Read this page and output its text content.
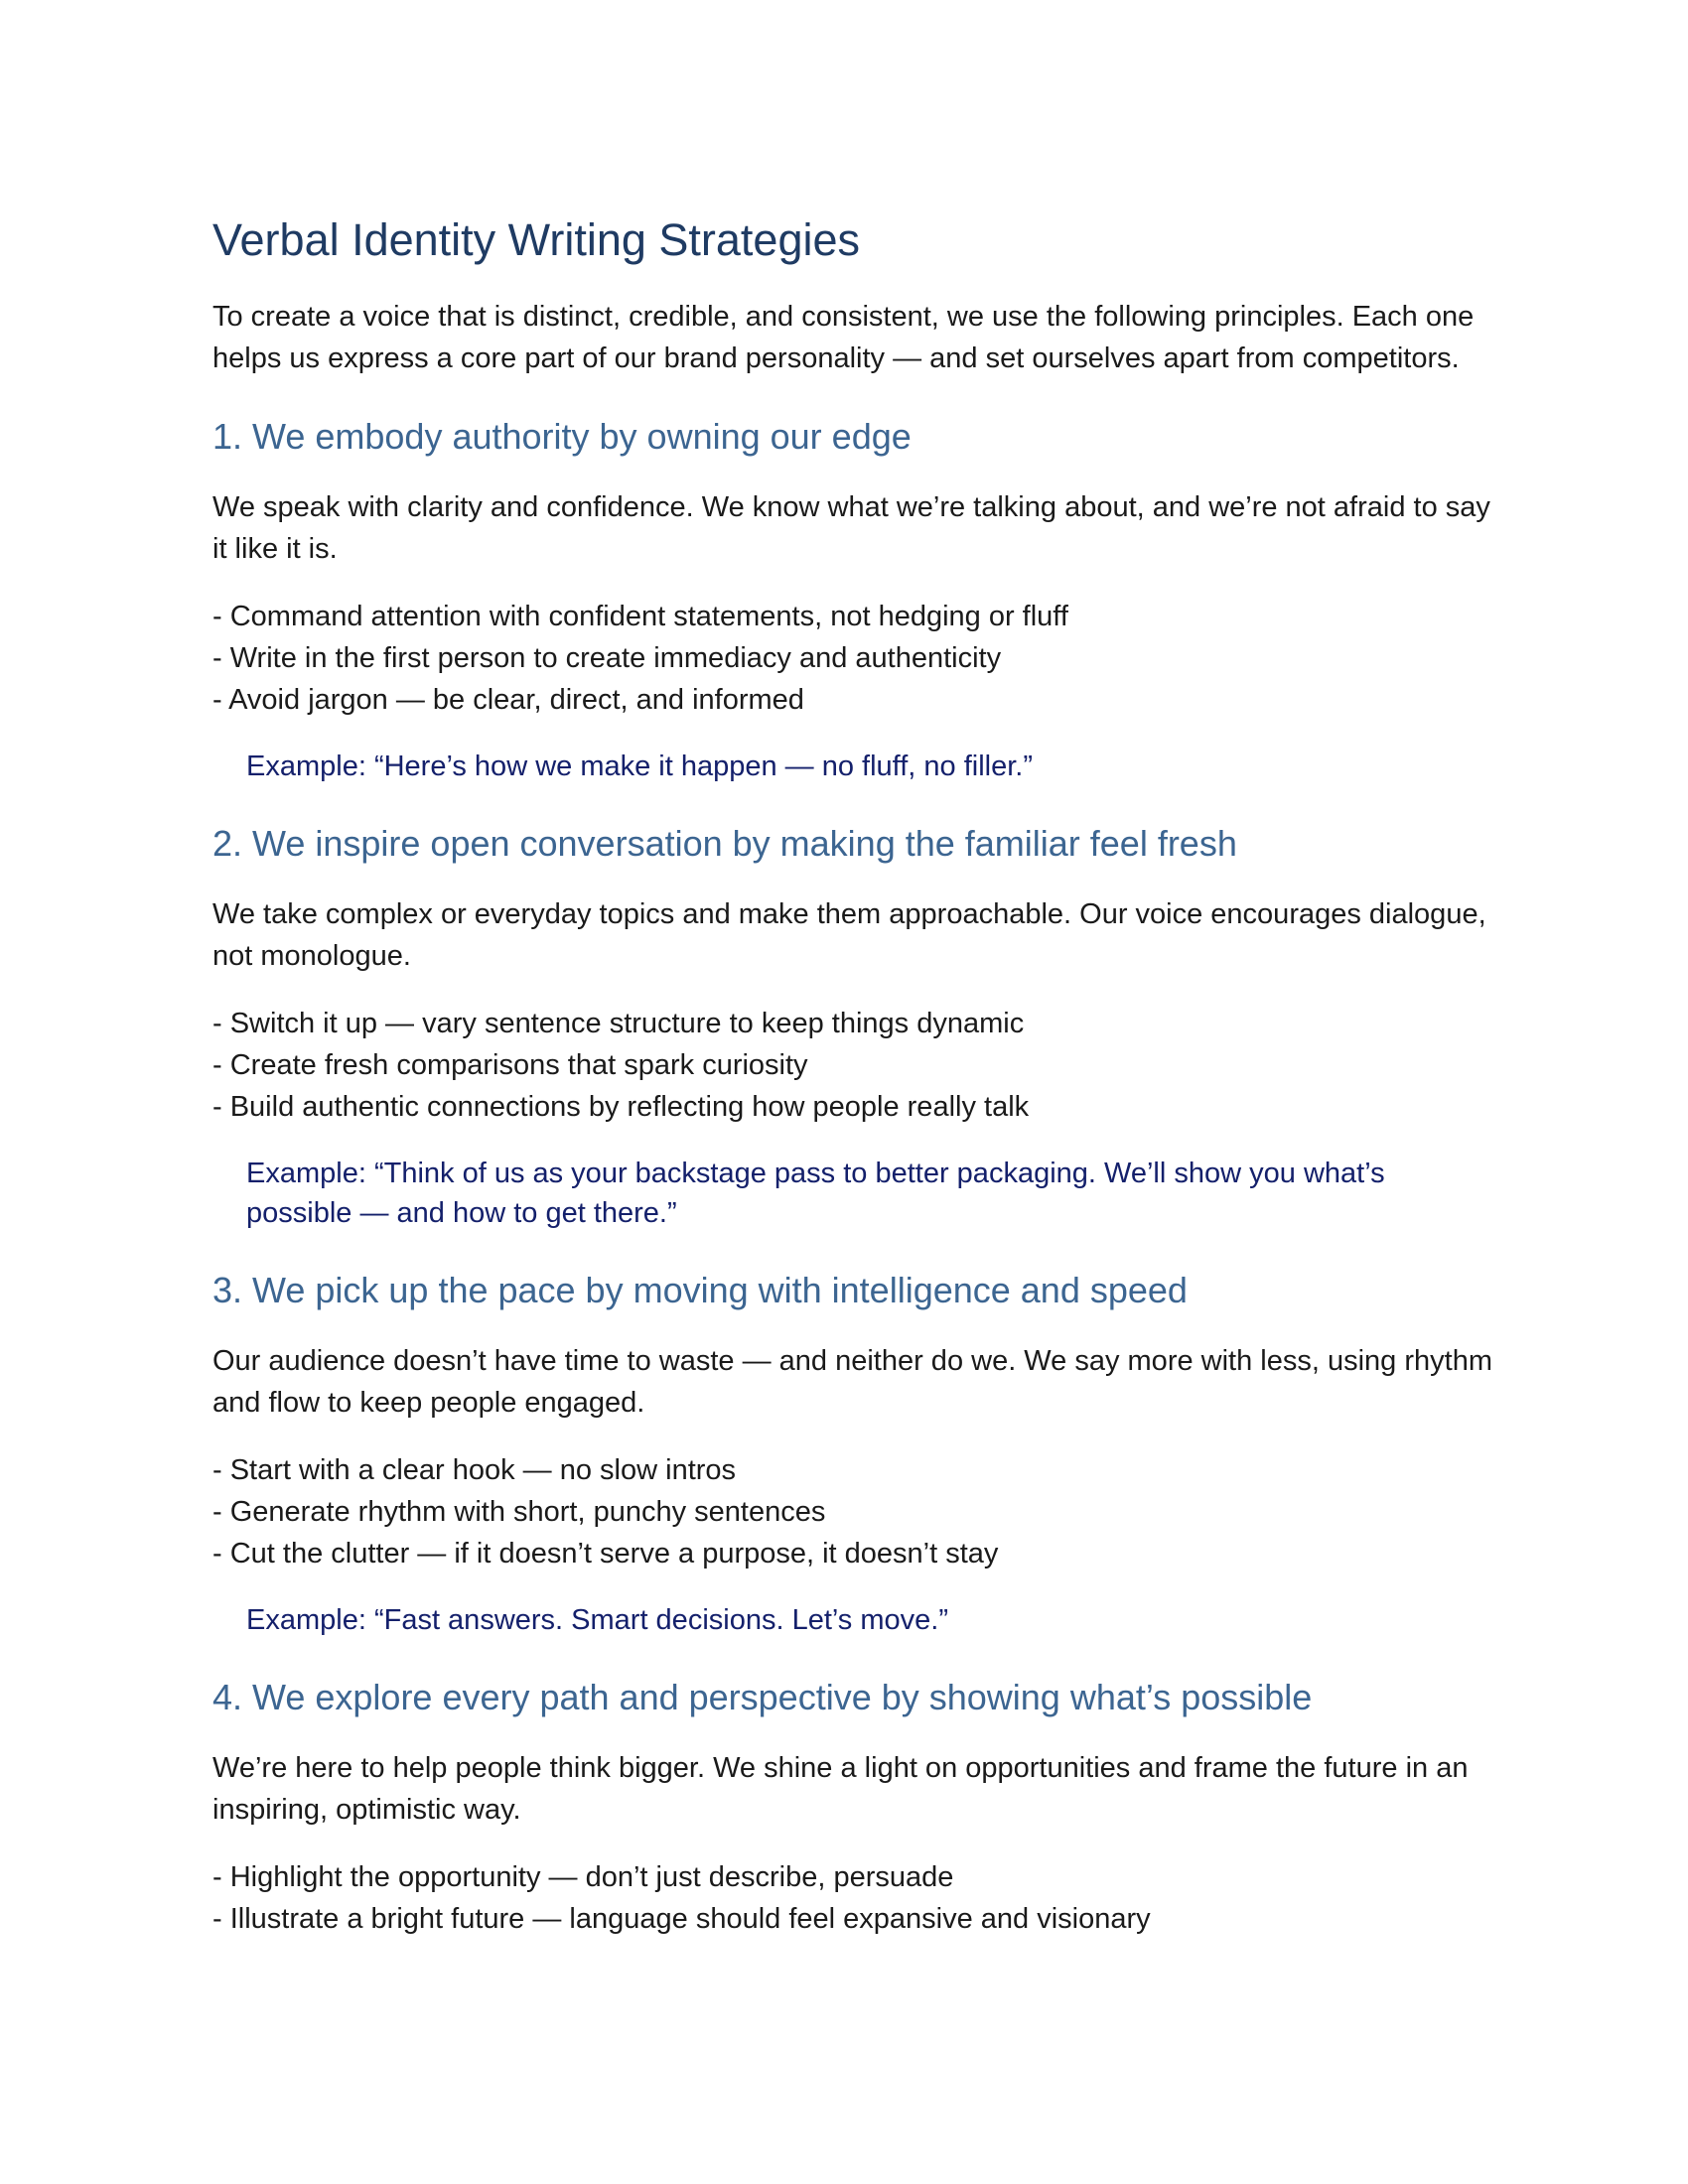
Verbal Identity Writing Strategies

To create a voice that is distinct, credible, and consistent, we use the following principles. Each one helps us express a core part of our brand personality — and set ourselves apart from competitors.

1. We embody authority by owning our edge

We speak with clarity and confidence. We know what we’re talking about, and we’re not afraid to say it like it is.

- Command attention with confident statements, not hedging or fluff
- Write in the first person to create immediacy and authenticity
- Avoid jargon — be clear, direct, and informed

Example: “Here’s how we make it happen — no fluff, no filler.”

2. We inspire open conversation by making the familiar feel fresh

We take complex or everyday topics and make them approachable. Our voice encourages dialogue, not monologue.

- Switch it up — vary sentence structure to keep things dynamic
- Create fresh comparisons that spark curiosity
- Build authentic connections by reflecting how people really talk

Example: “Think of us as your backstage pass to better packaging. We’ll show you what’s possible — and how to get there.”

3. We pick up the pace by moving with intelligence and speed

Our audience doesn’t have time to waste — and neither do we. We say more with less, using rhythm and flow to keep people engaged.

- Start with a clear hook — no slow intros
- Generate rhythm with short, punchy sentences
- Cut the clutter — if it doesn’t serve a purpose, it doesn’t stay

Example: “Fast answers. Smart decisions. Let’s move.”

4. We explore every path and perspective by showing what’s possible

We’re here to help people think bigger. We shine a light on opportunities and frame the future in an inspiring, optimistic way.

- Highlight the opportunity — don’t just describe, persuade
- Illustrate a bright future — language should feel expansive and visionary
